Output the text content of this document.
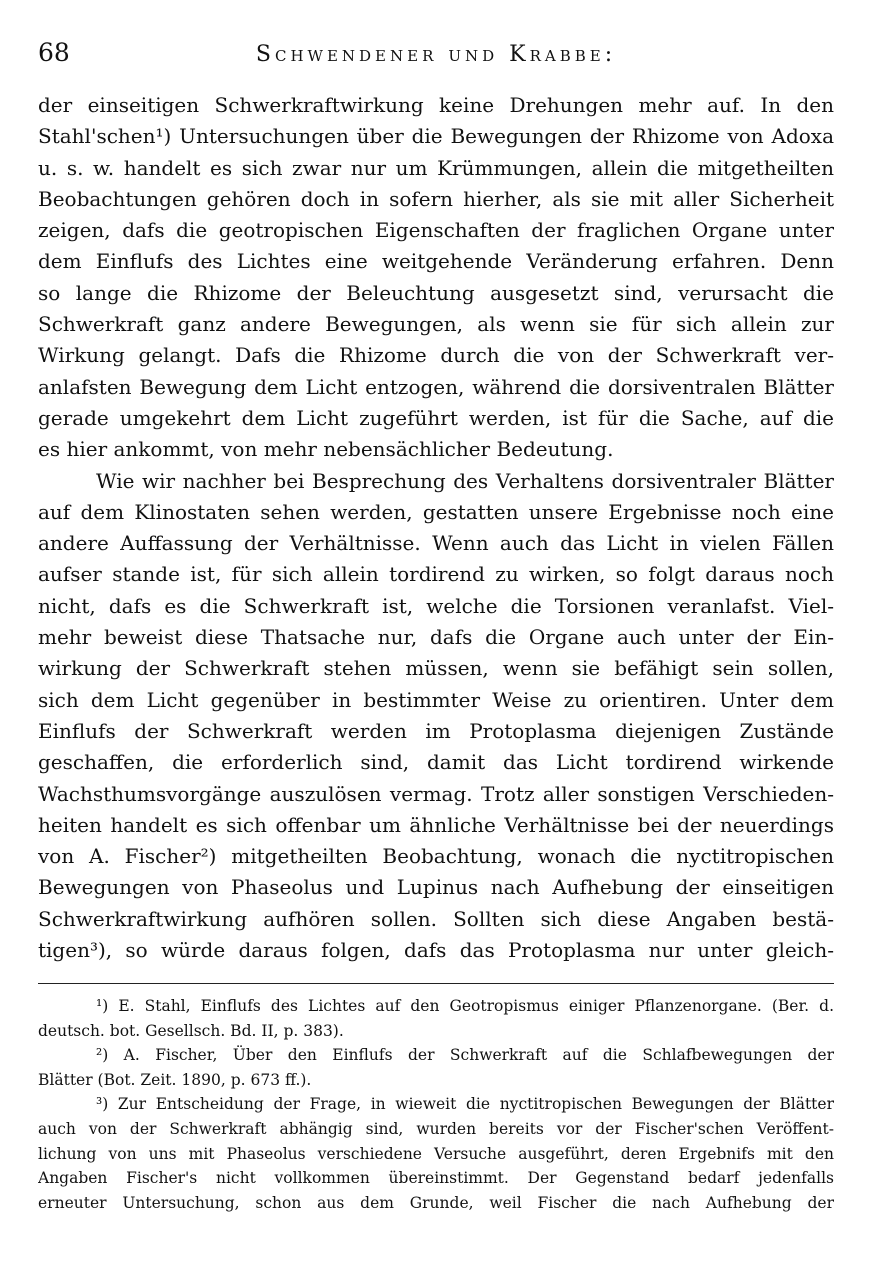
68	Schwendener und Krabbe:
der einseitigen Schwerkraftwirkung keine Drehungen mehr auf. In den
Stahl'schen¹) Untersuchungen über die Bewegungen der Rhizome von Adoxa
u. s. w. handelt es sich zwar nur um Krümmungen, allein die mitgetheilten
Beobachtungen gehören doch in sofern hierher, als sie mit aller Sicherheit
zeigen, dafs die geotropischen Eigenschaften der fraglichen Organe unter
dem Einflufs des Lichtes eine weitgehende Veränderung erfahren. Denn
so lange die Rhizome der Beleuchtung ausgesetzt sind, verursacht die
Schwerkraft ganz andere Bewegungen, als wenn sie für sich allein zur
Wirkung gelangt. Dafs die Rhizome durch die von der Schwerkraft ver-
anlafsten Bewegung dem Licht entzogen, während die dorsiventralen Blätter
gerade umgekehrt dem Licht zugeführt werden, ist für die Sache, auf die
es hier ankommt, von mehr nebensächlicher Bedeutung.
Wie wir nachher bei Besprechung des Verhaltens dorsiventraler Blätter
auf dem Klinostaten sehen werden, gestatten unsere Ergebnisse noch eine
andere Auffassung der Verhältnisse. Wenn auch das Licht in vielen Fällen
aufser stande ist, für sich allein tordirend zu wirken, so folgt daraus noch
nicht, dafs es die Schwerkraft ist, welche die Torsionen veranlafst. Viel-
mehr beweist diese Thatsache nur, dafs die Organe auch unter der Ein-
wirkung der Schwerkraft stehen müssen, wenn sie befähigt sein sollen,
sich dem Licht gegenüber in bestimmter Weise zu orientiren. Unter dem
Einflufs der Schwerkraft werden im Protoplasma diejenigen Zustände
geschaffen, die erforderlich sind, damit das Licht tordirend wirkende
Wachsthumsvorgänge auszulösen vermag. Trotz aller sonstigen Verschieden-
heiten handelt es sich offenbar um ähnliche Verhältnisse bei der neuerdings
von A. Fischer²) mitgetheilten Beobachtung, wonach die nyctitropischen
Bewegungen von Phaseolus und Lupinus nach Aufhebung der einseitigen
Schwerkraftwirkung aufhören sollen. Sollten sich diese Angaben bestä-
tigen³), so würde daraus folgen, dafs das Protoplasma nur unter gleich-
¹) E. Stahl, Einflufs des Lichtes auf den Geotropismus einiger Pflanzenorgane. (Ber. d.
deutsch. bot. Gesellsch. Bd. II, p. 383).
²) A. Fischer, Über den Einflufs der Schwerkraft auf die Schlafbewegungen der
Blätter (Bot. Zeit. 1890, p. 673 ff.).
³) Zur Entscheidung der Frage, in wieweit die nyctitropischen Bewegungen der Blätter
auch von der Schwerkraft abhängig sind, wurden bereits vor der Fischer'schen Veröffent-
lichung von uns mit Phaseolus verschiedene Versuche ausgeführt, deren Ergebnifs mit den
Angaben Fischer's nicht vollkommen übereinstimmt. Der Gegenstand bedarf jedenfalls
erneuter Untersuchung, schon aus dem Grunde, weil Fischer die nach Aufhebung der
